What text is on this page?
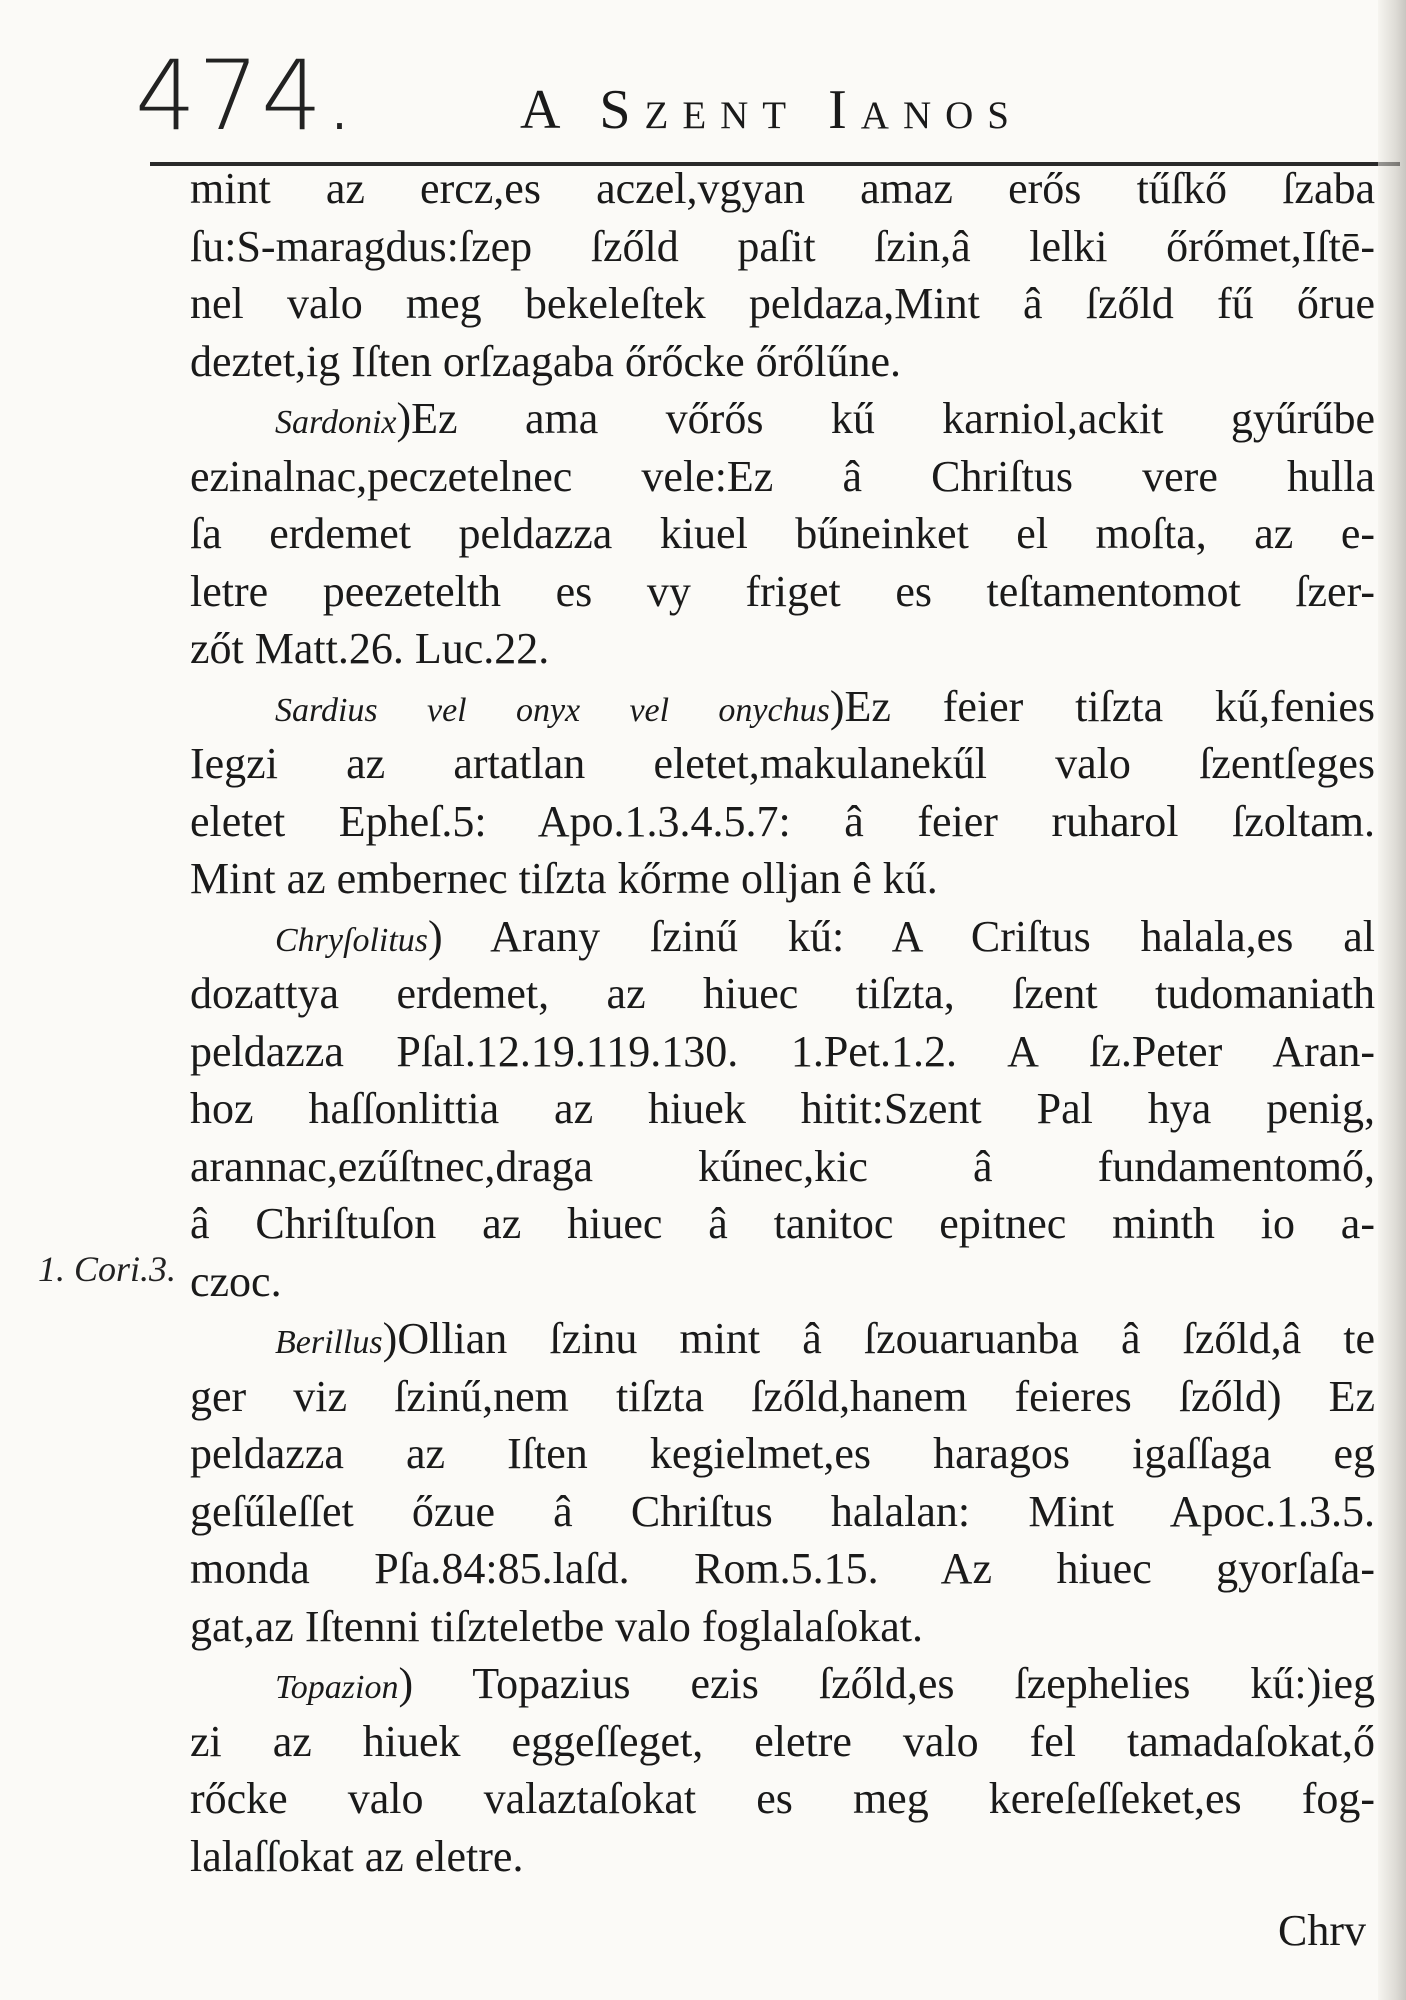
474.	A Szent Ianos
mint az ercz,es aczel,vgyan amaz erős tűſkő ſzaba
ſu:S-maragdus:ſzep ſzőld paſit ſzin,â lelki őrőmet,Iſtē-
nel valo meg bekeleſtek peldaza,Mint â ſzőld fű őrue
deztet,ig Iſten orſzagaba őrőcke őrőlűne.
Sardonix)Ez ama vőrős kű karniol,ackit gyűrűbe
ezinalnac,peczetelnec vele:Ez â Chriſtus vere hulla
ſa erdemet peldazza kiuel bűneinket el moſta, az e-
letre peezetelth es vy friget es teſtamentomot ſzer-
zőt Matt.26. Luc.22.
Sardius vel onyx vel onychus)Ez feier tiſzta kű,fenies
Iegzi az artatlan eletet,makulanekűl valo ſzentſeges
eletet Epheſ.5: Apo.1.3.4.5.7: â feier ruharol ſzoltam.
Mint az embernec tiſzta kőrme olljan ê kű.
Chryſolitus) Arany ſzinű kű: A Criſtus halala,es al
dozattya erdemet, az hiuec tiſzta, ſzent tudomaniath
peldazza Pſal.12.19.119.130. 1.Pet.1.2. A ſz.Peter Aran-
hoz haſſonlittia az hiuek hitit:Szent Pal hya penig,
arannac,ezűſtnec,draga kűnec,kic â fundamentomő,
â Chriſtuſon az hiuec â tanitoc epitnec minth io a-
czoc.
Berillus)Ollian ſzinu mint â ſzouaruanba â ſzőld,â te
ger viz ſzinű,nem tiſzta ſzőld,hanem feieres ſzőld) Ez
peldazza az Iſten kegielmet,es haragos igaſſaga eg
geſűleſſet őzue â Chriſtus halalan: Mint Apoc.1.3.5.
monda Pſa.84:85.laſd. Rom.5.15. Az hiuec gyorſaſa-
gat,az Iſtenni tiſzteletbe valo foglalaſokat.
Topazion) Topazius ezis ſzőld,es ſzephelies kű:)ieg
zi az hiuek eggeſſeget, eletre valo fel tamadaſokat,ő
rőcke valo valaztaſokat es meg kereſeſſeket,es fog-
lalaſſokat az eletre.
1. Cori.3.
Chrv
